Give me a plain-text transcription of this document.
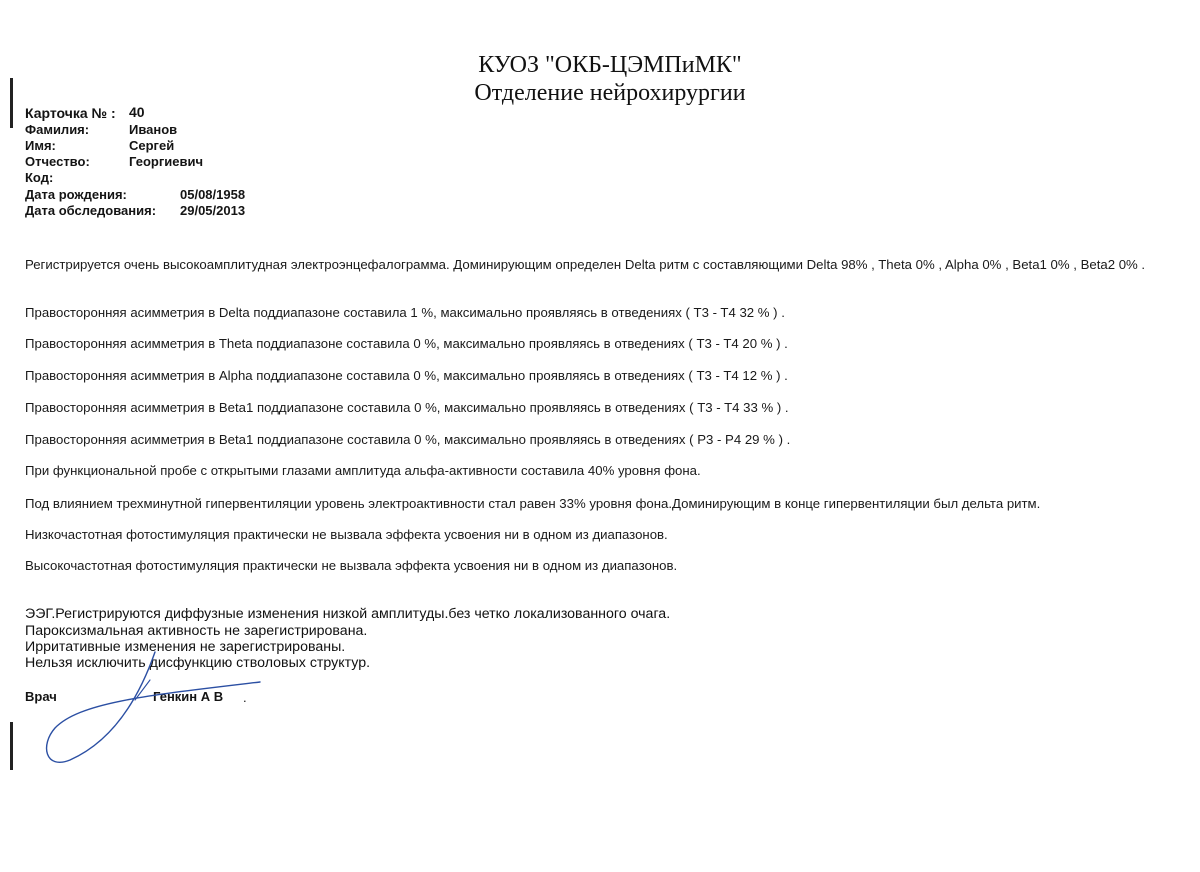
КУОЗ "ОКБ-ЦЭМПиМК"
Отделение нейрохирургии
Карточка № : 40
Фамилия:	Иванов
Имя:	Сергей
Отчество:	Георгиевич
Код:
Дата рождения:	05/08/1958
Дата обследования: 29/05/2013
Регистрируется очень высокоамплитудная электроэнцефалограмма. Доминирующим определен Delta ритм с составляющими Delta 98% , Theta 0% , Alpha 0% , Beta1 0% , Beta2 0% .
Правосторонняя асимметрия в Delta поддиапазоне составила 1 %, максимально проявляясь в отведениях ( T3 - T4 32 % ) .
Правосторонняя асимметрия в Theta поддиапазоне составила 0 %, максимально проявляясь в отведениях ( T3 - T4 20 % ) .
Правосторонняя асимметрия в Alpha поддиапазоне составила 0 %, максимально проявляясь в отведениях ( T3 - T4 12 % ) .
Правосторонняя асимметрия в Beta1 поддиапазоне составила 0 %, максимально проявляясь в отведениях ( T3 - T4 33 % ) .
Правосторонняя асимметрия в Beta1 поддиапазоне составила 0 %, максимально проявляясь в отведениях ( P3 - P4 29 % ) .
При функциональной пробе с открытыми глазами амплитуда альфа-активности составила 40% уровня фона.
Под влиянием трехминутной гипервентиляции уровень электроактивности стал равен 33% уровня фона.Доминирующим в конце гипервентиляции был дельта ритм.
Низкочастотная фотостимуляция практически не вызвала эффекта усвоения ни в одном из диапазонов.
Высокочастотная фотостимуляция практически не вызвала эффекта усвоения ни в одном из диапазонов.
ЭЭГ.Регистрируются диффузные изменения низкой амплитуды.без четко локализованного очага.
Пароксизмальная активность не зарегистрирована.
Ирритативные изменения не зарегистрированы.
Нельзя исключить дисфункцию стволовых структур.
Врач	Генкин А В .
